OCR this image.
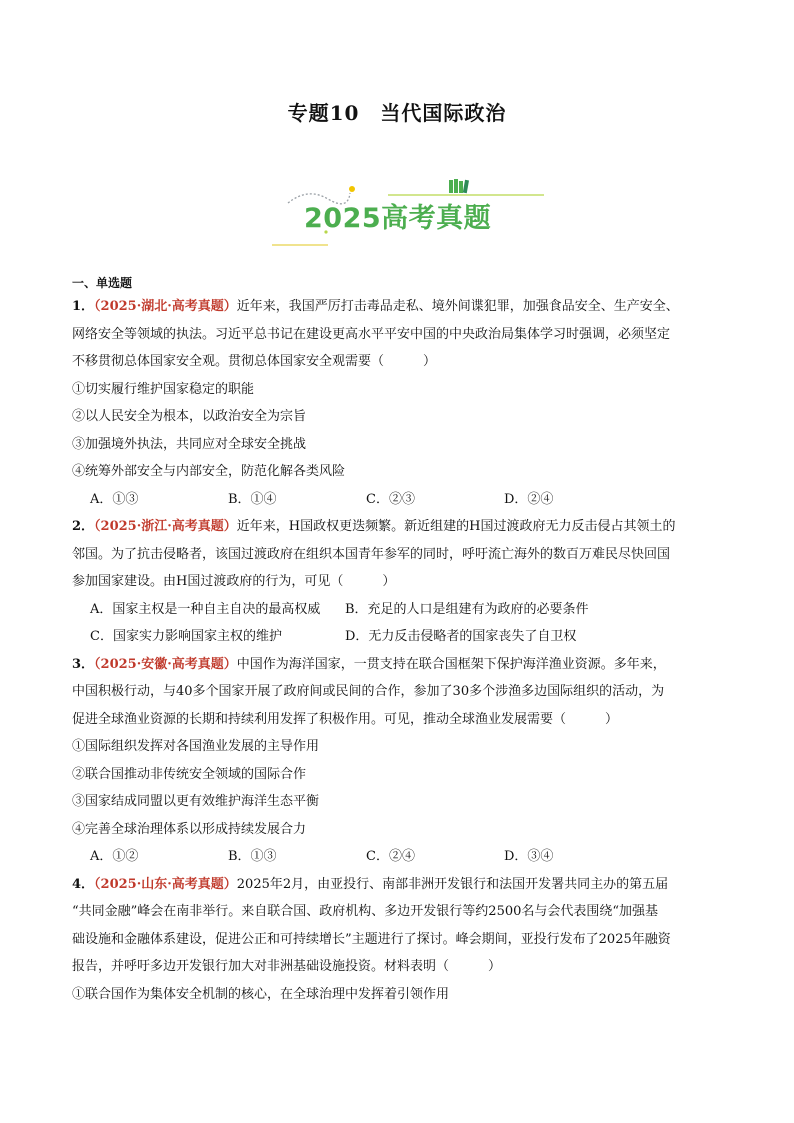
专题10　当代国际政治
2025高考真题
一、单选题
1．（2025·湖北·高考真题）近年来，我国严厉打击毒品走私、境外间谍犯罪，加强食品安全、生产安全、
网络安全等领域的执法。习近平总书记在建设更高水平平安中国的中央政治局集体学习时强调，必须坚定
不移贯彻总体国家安全观。贯彻总体国家安全观需要（　　　）
①切实履行维护国家稳定的职能
②以人民安全为根本，以政治安全为宗旨
③加强境外执法，共同应对全球安全挑战
④统筹外部安全与内部安全，防范化解各类风险
A．①③	B．①④	C．②③	D．②④
2．（2025·浙江·高考真题）近年来，H国政权更迭频繁。新近组建的H国过渡政府无力反击侵占其领土的
邻国。为了抗击侵略者，该国过渡政府在组织本国青年参军的同时，呼吁流亡海外的数百万难民尽快回国
参加国家建设。由H国过渡政府的行为，可见（　　　）
A．国家主权是一种自主自决的最高权威	B．充足的人口是组建有为政府的必要条件
C．国家实力影响国家主权的维护	D．无力反击侵略者的国家丧失了自卫权
3．（2025·安徽·高考真题）中国作为海洋国家，一贯支持在联合国框架下保护海洋渔业资源。多年来，
中国积极行动，与40多个国家开展了政府间或民间的合作，参加了30多个涉渔多边国际组织的活动，为
促进全球渔业资源的长期和持续利用发挥了积极作用。可见，推动全球渔业发展需要（　　　）
①国际组织发挥对各国渔业发展的主导作用
②联合国推动非传统安全领域的国际合作
③国家结成同盟以更有效维护海洋生态平衡
④完善全球治理体系以形成持续发展合力
A．①②	B．①③	C．②④	D．③④
4．（2025·山东·高考真题）2025年2月，由亚投行、南部非洲开发银行和法国开发署共同主办的第五届
“共同金融”峰会在南非举行。来自联合国、政府机构、多边开发银行等约2500名与会代表围绕“加强基
础设施和金融体系建设，促进公正和可持续增长”主题进行了探讨。峰会期间，亚投行发布了2025年融资
报告，并呼吁多边开发银行加大对非洲基础设施投资。材料表明（　　　）
①联合国作为集体安全机制的核心，在全球治理中发挥着引领作用
